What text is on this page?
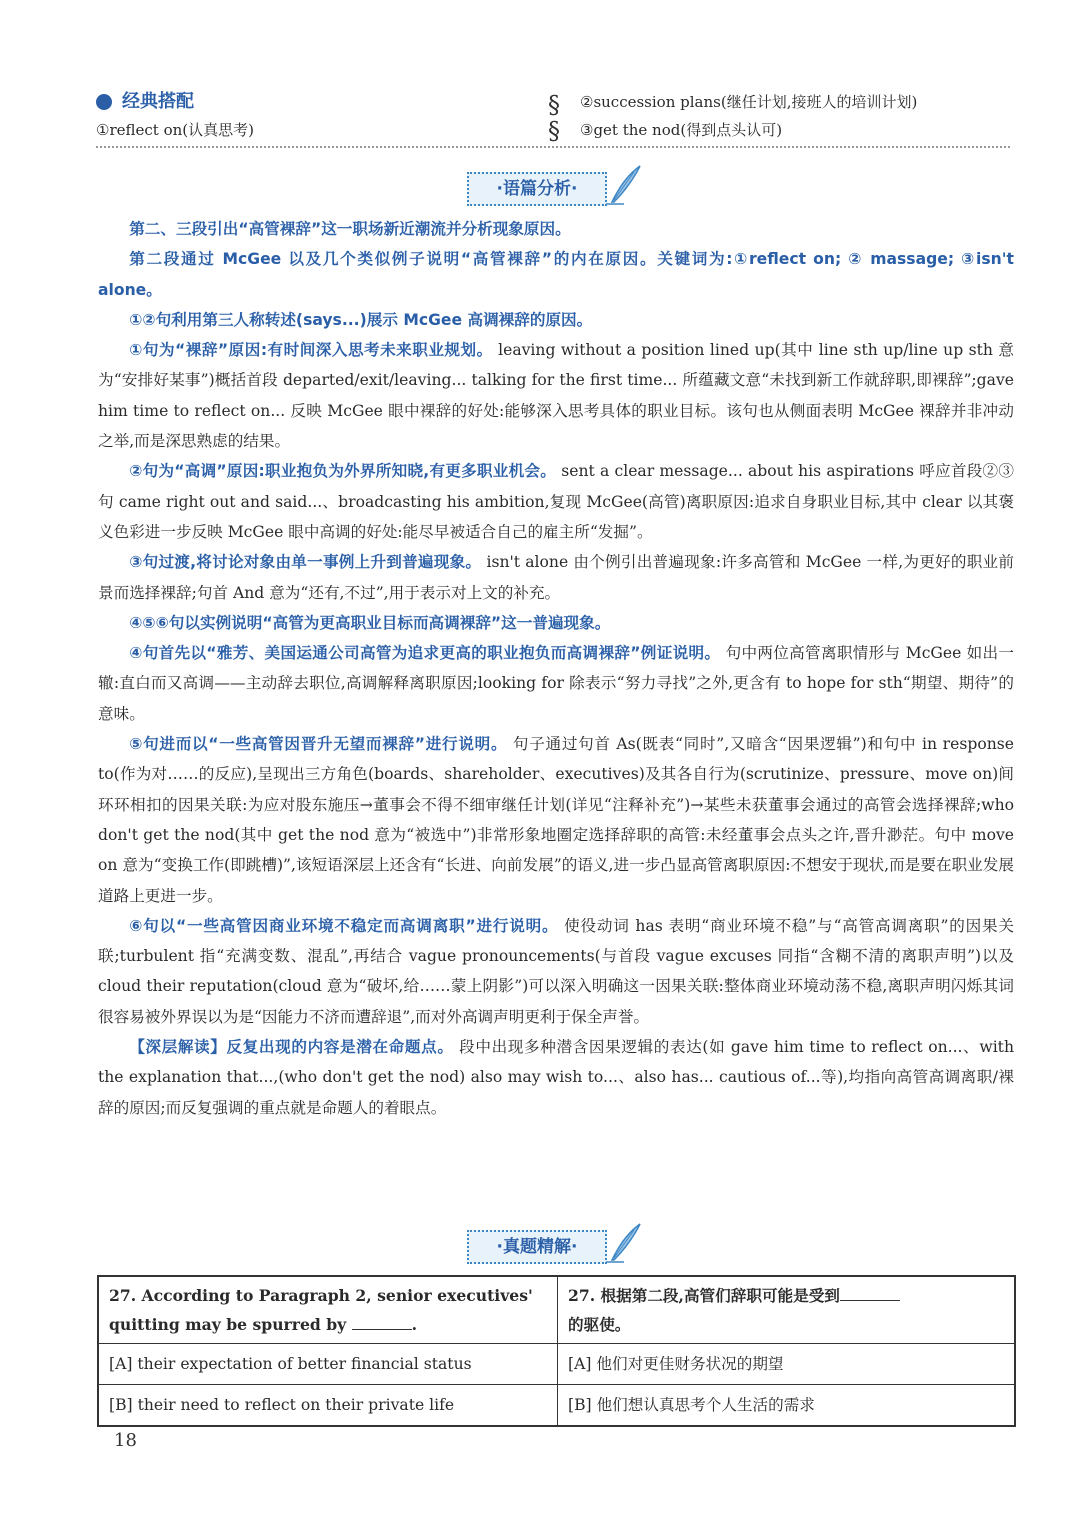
经典搭配
①reflect on(认真思考)
§
§
②succession plans(继任计划,接班人的培训计划)
③get the nod(得到点头认可)
·语篇分析·

第二、三段引出“高管裸辞”这一职场新近潮流并分析现象原因。

第二段通过 McGee 以及几个类似例子说明“高管裸辞”的内在原因。关键词为:①reflect on; ② massage; ③isn't alone。

①②句利用第三人称转述(says...)展示 McGee 高调裸辞的原因。

①句为“裸辞”原因:有时间深入思考未来职业规划。 leaving without a position lined up(其中 line sth up/line up sth 意为“安排好某事”)概括首段 departed/exit/leaving... talking for the first time... 所蕴藏文意“未找到新工作就辞职,即裸辞”;gave him time to reflect on... 反映 McGee 眼中裸辞的好处:能够深入思考具体的职业目标。该句也从侧面表明 McGee 裸辞并非冲动之举,而是深思熟虑的结果。

②句为“高调”原因:职业抱负为外界所知晓,有更多职业机会。 sent a clear message... about his aspirations 呼应首段②③句 came right out and said...、broadcasting his ambition,复现 McGee(高管)离职原因:追求自身职业目标,其中 clear 以其褒义色彩进一步反映 McGee 眼中高调的好处:能尽早被适合自己的雇主所“发掘”。

③句过渡,将讨论对象由单一事例上升到普遍现象。 isn't alone 由个例引出普遍现象:许多高管和 McGee 一样,为更好的职业前景而选择裸辞;句首 And 意为“还有,不过”,用于表示对上文的补充。

④⑤⑥句以实例说明“高管为更高职业目标而高调裸辞”这一普遍现象。

④句首先以“雅芳、美国运通公司高管为追求更高的职业抱负而高调裸辞”例证说明。 句中两位高管离职情形与 McGee 如出一辙:直白而又高调——主动辞去职位,高调解释离职原因;looking for 除表示“努力寻找”之外,更含有 to hope for sth“期望、期待”的意味。

⑤句进而以“一些高管因晋升无望而裸辞”进行说明。 句子通过句首 As(既表“同时”,又暗含“因果逻辑”)和句中 in response to(作为对……的反应),呈现出三方角色(boards、shareholder、executives)及其各自行为(scrutinize、pressure、move on)间环环相扣的因果关联:为应对股东施压→董事会不得不细审继任计划(详见“注释补充”)→某些未获董事会通过的高管会选择裸辞;who don't get the nod(其中 get the nod 意为“被选中”)非常形象地圈定选择辞职的高管:未经董事会点头之许,晋升渺茫。句中 move on 意为“变换工作(即跳槽)”,该短语深层上还含有“长进、向前发展”的语义,进一步凸显高管离职原因:不想安于现状,而是要在职业发展道路上更进一步。

⑥句以“一些高管因商业环境不稳定而高调离职”进行说明。 使役动词 has 表明“商业环境不稳”与“高管高调离职”的因果关联;turbulent 指“充满变数、混乱”,再结合 vague pronouncements(与首段 vague excuses 同指“含糊不清的离职声明”)以及 cloud their reputation(cloud 意为“破坏,给……蒙上阴影”)可以深入明确这一因果关联:整体商业环境动荡不稳,离职声明闪烁其词很容易被外界误以为是“因能力不济而遭辞退”,而对外高调声明更利于保全声誉。

【深层解读】反复出现的内容是潜在命题点。 段中出现多种潜含因果逻辑的表达(如 gave him time to reflect on...、with the explanation that...,(who don't get the nod) also may wish to...、also has... cautious of...等),均指向高管高调离职/裸辞的原因;而反复强调的重点就是命题人的着眼点。

·真题精解·
27. According to Paragraph 2, senior executives' quitting may be spurred by .	27. 根据第二段,高管们辞职可能是受到
的驱使。
[A] their expectation of better financial status	[A] 他们对更佳财务状况的期望
[B] their need to reflect on their private life	[B] 他们想认真思考个人生活的需求
18
